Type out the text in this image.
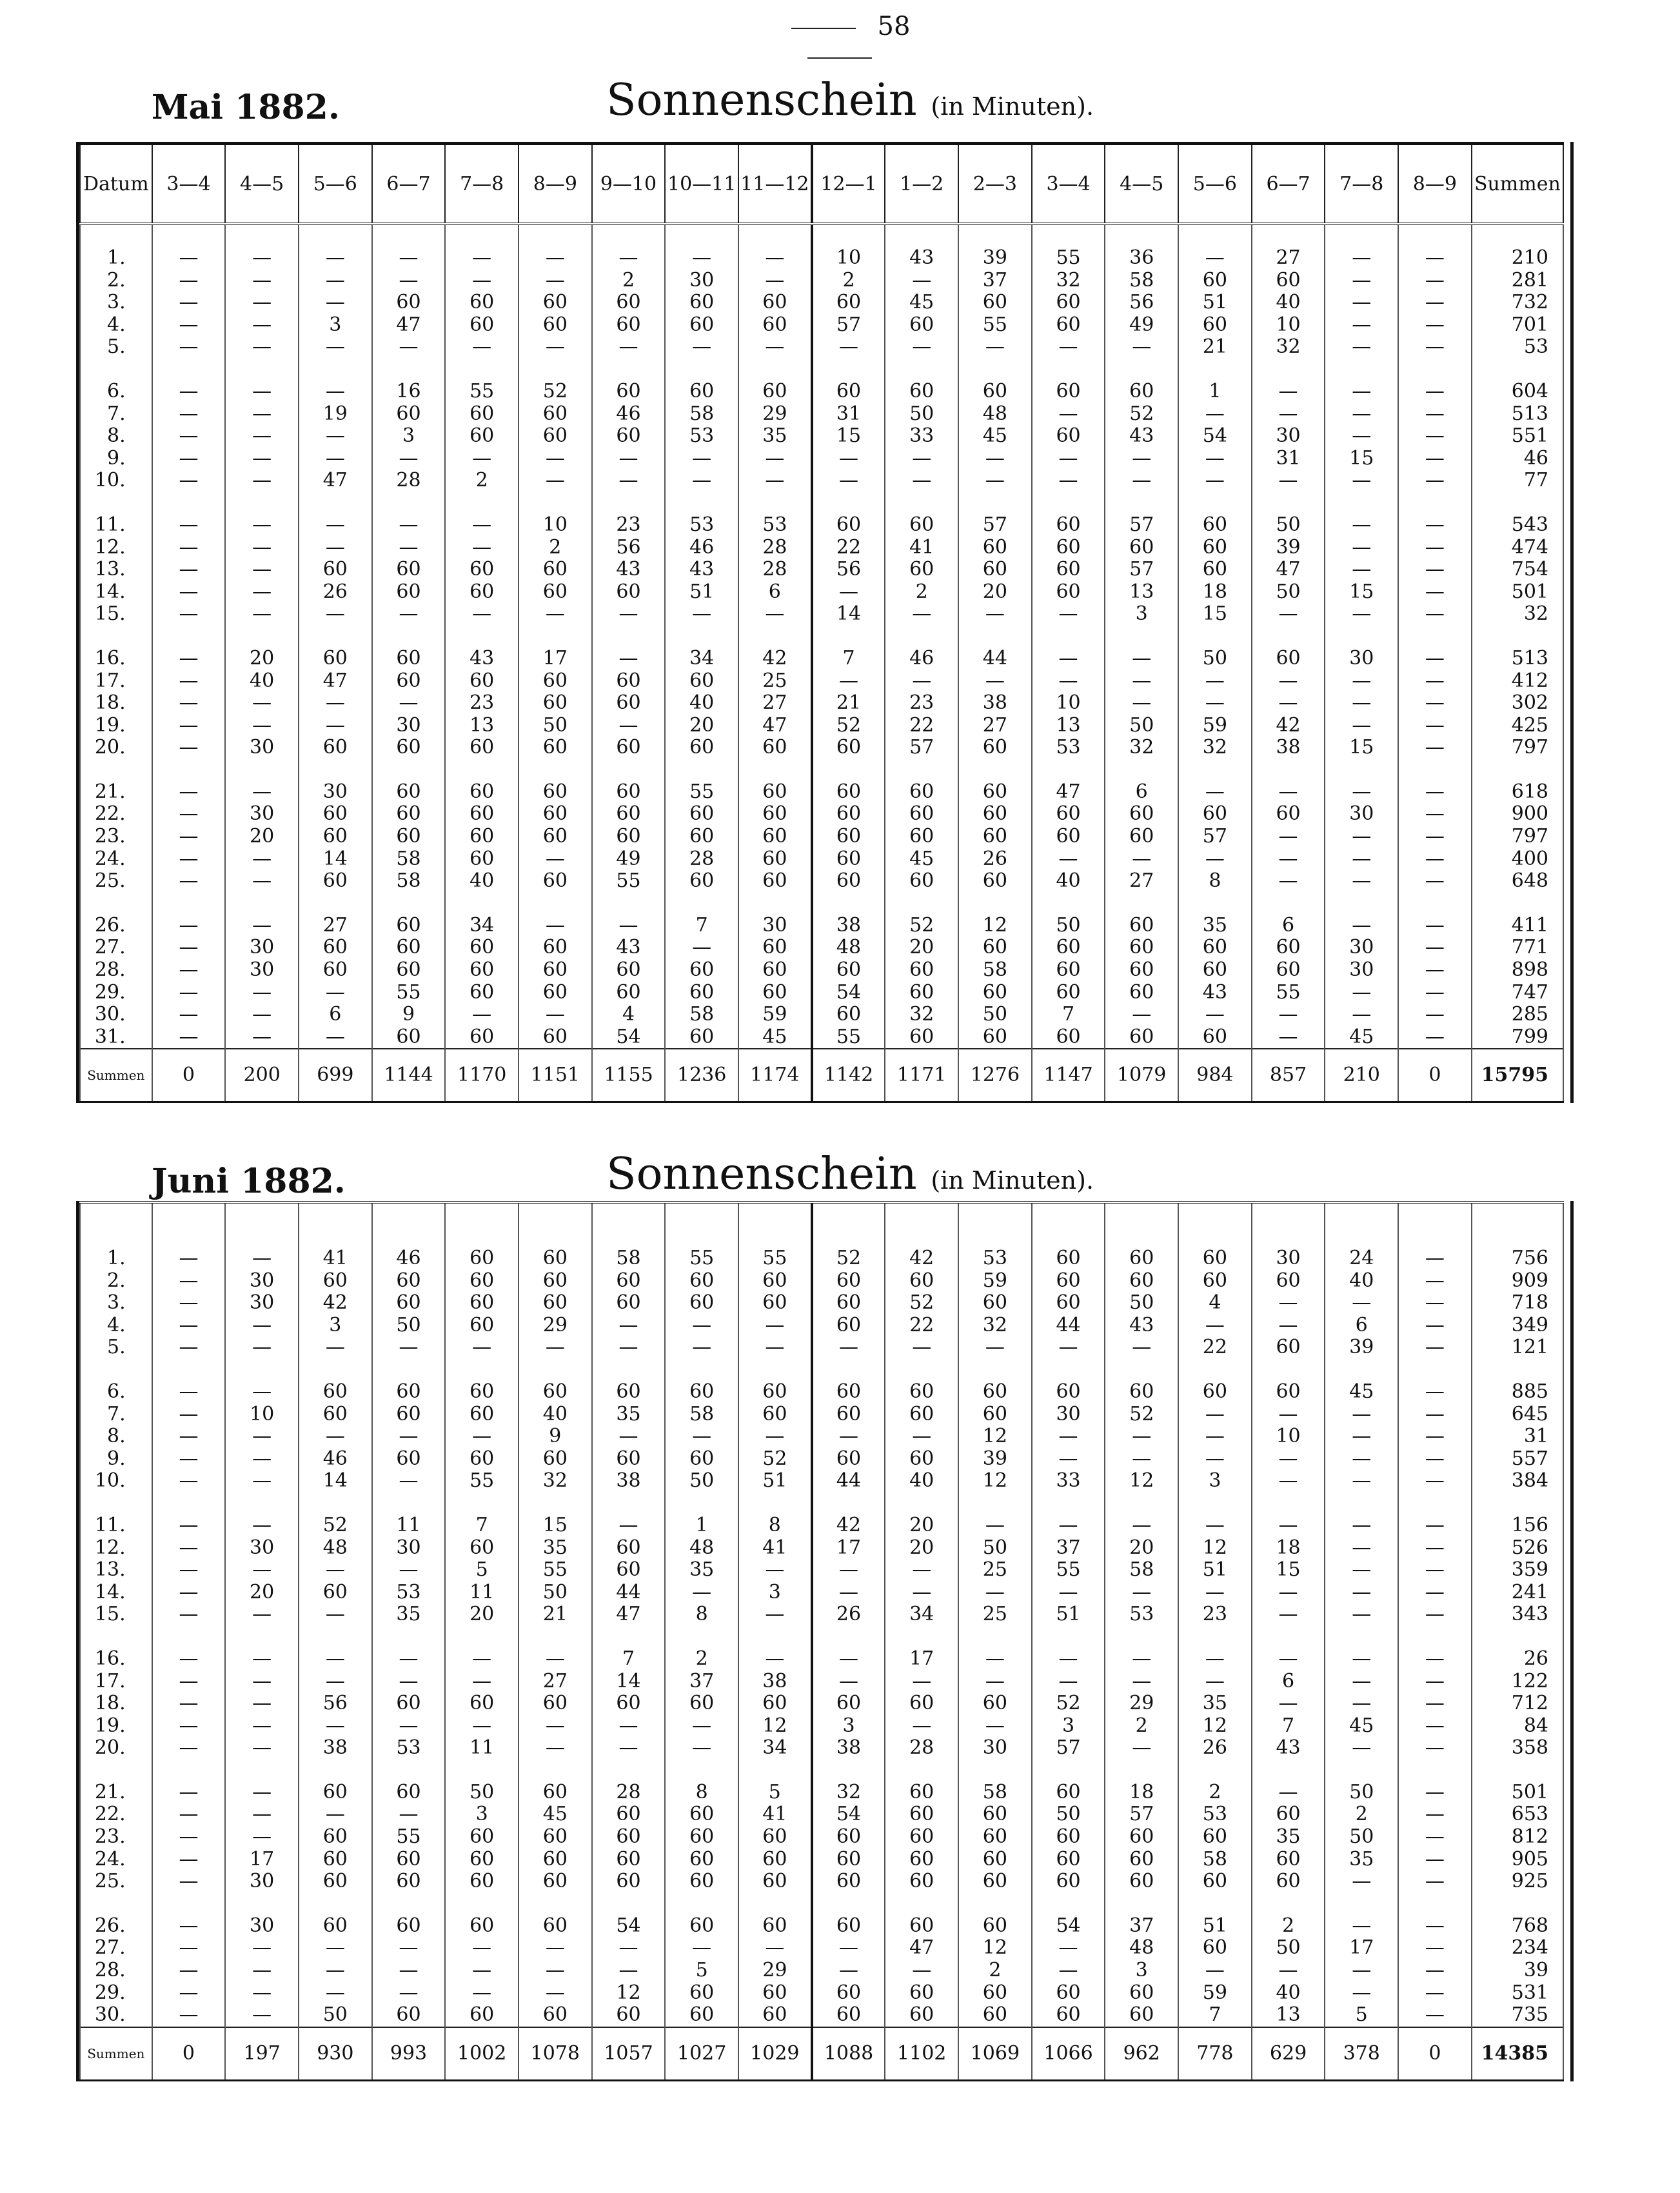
58
Mai 1882.	Sonnenschein (in Minuten).
Datum	3—4	4—5	5—6	6—7	7—8	8—9	9—10	10—11	11—12	12—1	1—2	2—3	3—4	4—5	5—6	6—7	7—8	8—9	Summen

1.	—	—	—	—	—	—	—	—	—	10	43	39	55	36	—	27	—	—	210
2.	—	—	—	—	—	—	2	30	—	2	—	37	32	58	60	60	—	—	281
3.	—	—	—	60	60	60	60	60	60	60	45	60	60	56	51	40	—	—	732
4.	—	—	3	47	60	60	60	60	60	57	60	55	60	49	60	10	—	—	701
5.	—	—	—	—	—	—	—	—	—	—	—	—	—	—	21	32	—	—	53

6.	—	—	—	16	55	52	60	60	60	60	60	60	60	60	1	—	—	—	604
7.	—	—	19	60	60	60	46	58	29	31	50	48	—	52	—	—	—	—	513
8.	—	—	—	3	60	60	60	53	35	15	33	45	60	43	54	30	—	—	551
9.	—	—	—	—	—	—	—	—	—	—	—	—	—	—	—	31	15	—	46
10.	—	—	47	28	2	—	—	—	—	—	—	—	—	—	—	—	—	—	77

11.	—	—	—	—	—	10	23	53	53	60	60	57	60	57	60	50	—	—	543
12.	—	—	—	—	—	2	56	46	28	22	41	60	60	60	60	39	—	—	474
13.	—	—	60	60	60	60	43	43	28	56	60	60	60	57	60	47	—	—	754
14.	—	—	26	60	60	60	60	51	6	—	2	20	60	13	18	50	15	—	501
15.	—	—	—	—	—	—	—	—	—	14	—	—	—	3	15	—	—	—	32

16.	—	20	60	60	43	17	—	34	42	7	46	44	—	—	50	60	30	—	513
17.	—	40	47	60	60	60	60	60	25	—	—	—	—	—	—	—	—	—	412
18.	—	—	—	—	23	60	60	40	27	21	23	38	10	—	—	—	—	—	302
19.	—	—	—	30	13	50	—	20	47	52	22	27	13	50	59	42	—	—	425
20.	—	30	60	60	60	60	60	60	60	60	57	60	53	32	32	38	15	—	797

21.	—	—	30	60	60	60	60	55	60	60	60	60	47	6	—	—	—	—	618
22.	—	30	60	60	60	60	60	60	60	60	60	60	60	60	60	60	30	—	900
23.	—	20	60	60	60	60	60	60	60	60	60	60	60	60	57	—	—	—	797
24.	—	—	14	58	60	—	49	28	60	60	45	26	—	—	—	—	—	—	400
25.	—	—	60	58	40	60	55	60	60	60	60	60	40	27	8	—	—	—	648

26.	—	—	27	60	34	—	—	7	30	38	52	12	50	60	35	6	—	—	411
27.	—	30	60	60	60	60	43	—	60	48	20	60	60	60	60	60	30	—	771
28.	—	30	60	60	60	60	60	60	60	60	60	58	60	60	60	60	30	—	898
29.	—	—	—	55	60	60	60	60	60	54	60	60	60	60	43	55	—	—	747
30.	—	—	6	9	—	—	4	58	59	60	32	50	7	—	—	—	—	—	285
31.	—	—	—	60	60	60	54	60	45	55	60	60	60	60	60	—	45	—	799
Summen	0	200	699	1144	1170	1151	1155	1236	1174	1142	1171	1276	1147	1079	984	857	210	0	15795
Juni 1882.	Sonnenschein (in Minuten).

1.	—	—	41	46	60	60	58	55	55	52	42	53	60	60	60	30	24	—	756
2.	—	30	60	60	60	60	60	60	60	60	60	59	60	60	60	60	40	—	909
3.	—	30	42	60	60	60	60	60	60	60	52	60	60	50	4	—	—	—	718
4.	—	—	3	50	60	29	—	—	—	60	22	32	44	43	—	—	6	—	349
5.	—	—	—	—	—	—	—	—	—	—	—	—	—	—	22	60	39	—	121

6.	—	—	60	60	60	60	60	60	60	60	60	60	60	60	60	60	45	—	885
7.	—	10	60	60	60	40	35	58	60	60	60	60	30	52	—	—	—	—	645
8.	—	—	—	—	—	9	—	—	—	—	—	12	—	—	—	10	—	—	31
9.	—	—	46	60	60	60	60	60	52	60	60	39	—	—	—	—	—	—	557
10.	—	—	14	—	55	32	38	50	51	44	40	12	33	12	3	—	—	—	384

11.	—	—	52	11	7	15	—	1	8	42	20	—	—	—	—	—	—	—	156
12.	—	30	48	30	60	35	60	48	41	17	20	50	37	20	12	18	—	—	526
13.	—	—	—	—	5	55	60	35	—	—	—	25	55	58	51	15	—	—	359
14.	—	20	60	53	11	50	44	—	3	—	—	—	—	—	—	—	—	—	241
15.	—	—	—	35	20	21	47	8	—	26	34	25	51	53	23	—	—	—	343

16.	—	—	—	—	—	—	7	2	—	—	17	—	—	—	—	—	—	—	26
17.	—	—	—	—	—	27	14	37	38	—	—	—	—	—	—	6	—	—	122
18.	—	—	56	60	60	60	60	60	60	60	60	60	52	29	35	—	—	—	712
19.	—	—	—	—	—	—	—	—	12	3	—	—	3	2	12	7	45	—	84
20.	—	—	38	53	11	—	—	—	34	38	28	30	57	—	26	43	—	—	358

21.	—	—	60	60	50	60	28	8	5	32	60	58	60	18	2	—	50	—	501
22.	—	—	—	—	3	45	60	60	41	54	60	60	50	57	53	60	2	—	653
23.	—	—	60	55	60	60	60	60	60	60	60	60	60	60	60	35	50	—	812
24.	—	17	60	60	60	60	60	60	60	60	60	60	60	60	58	60	35	—	905
25.	—	30	60	60	60	60	60	60	60	60	60	60	60	60	60	60	—	—	925

26.	—	30	60	60	60	60	54	60	60	60	60	60	54	37	51	2	—	—	768
27.	—	—	—	—	—	—	—	—	—	—	47	12	—	48	60	50	17	—	234
28.	—	—	—	—	—	—	—	5	29	—	—	2	—	3	—	—	—	—	39
29.	—	—	—	—	—	—	12	60	60	60	60	60	60	60	59	40	—	—	531
30.	—	—	50	60	60	60	60	60	60	60	60	60	60	60	7	13	5	—	735
Summen	0	197	930	993	1002	1078	1057	1027	1029	1088	1102	1069	1066	962	778	629	378	0	14385
